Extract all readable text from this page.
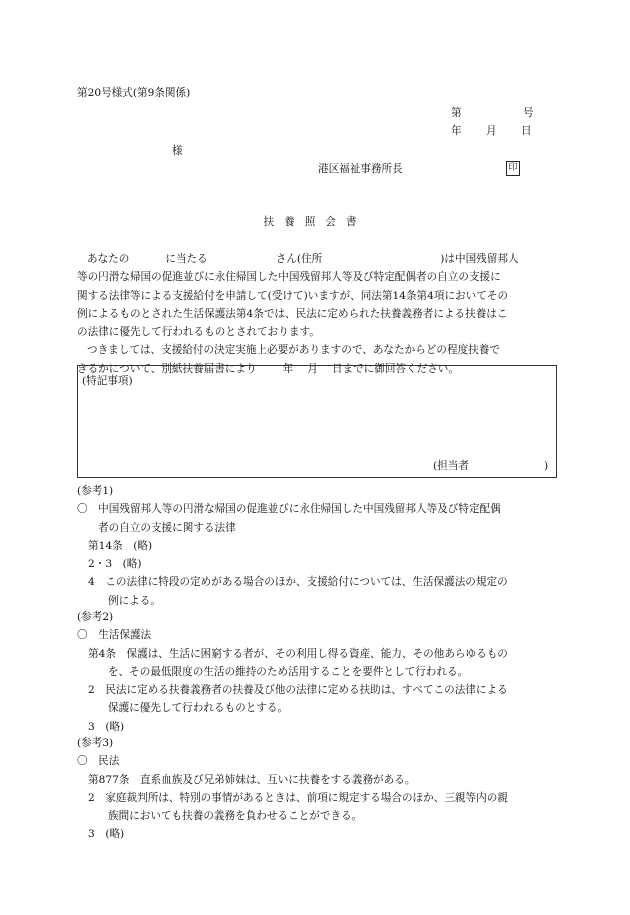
第20号様式(第9条関係)
第	号
年 月 日
様
港区福祉事務所長	印
扶養照会書
あなたの	に当たる	さん(住所	)は中国残留邦人
等の円滑な帰国の促進並びに永住帰国した中国残留邦人等及び特定配偶者の自立の支援に
関する法律等による支援給付を申請して(受けて)いますが、同法第14条第4項においてその
例によるものとされた生活保護法第4条では、民法に定められた扶養義務者による扶養はこ
の法律に優先して行われるものとされております。
つきましては、支援給付の決定実施上必要がありますので、あなたからどの程度扶養で
きるかについて、別紙扶養届書により 年 月 日までに御回答ください。
(特記事項)
(担当者	)
(参考1)
〇　中国残留邦人等の円滑な帰国の促進並びに永住帰国した中国残留邦人等及び特定配偶
者の自立の支援に関する法律
第14条　(略)
2・3　(略)
4　この法律に特段の定めがある場合のほか、支援給付については、生活保護法の規定の
例による。
(参考2)
〇　生活保護法
第4条　保護は、生活に困窮する者が、その利用し得る資産、能力、その他あらゆるもの
を、その最低限度の生活の維持のため活用することを要件として行われる。
2　民法に定める扶養義務者の扶養及び他の法律に定める扶助は、すべてこの法律による
保護に優先して行われるものとする。
3　(略)
(参考3)
〇　民法
第877条　直系血族及び兄弟姉妹は、互いに扶養をする義務がある。
2　家庭裁判所は、特別の事情があるときは、前項に規定する場合のほか、三親等内の親
族間においても扶養の義務を負わせることができる。
3　(略)
